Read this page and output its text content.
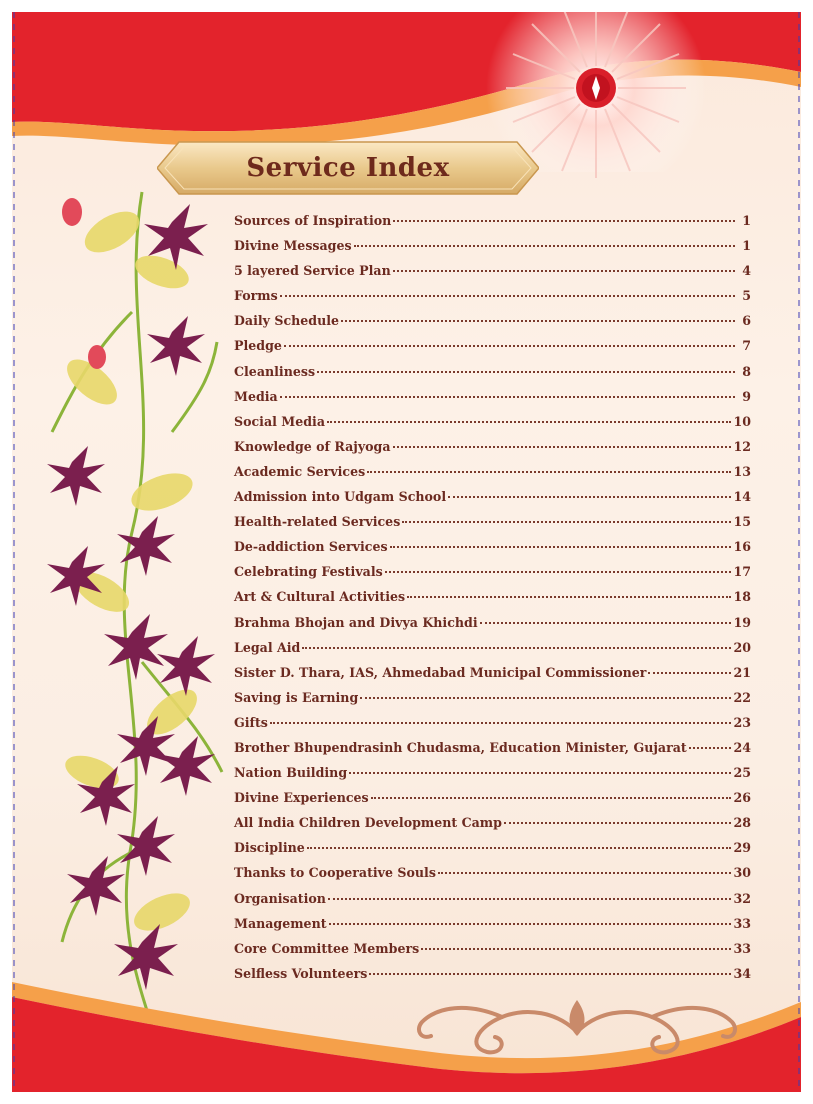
Service Index
Sources of Inspiration	1
Divine Messages	1
5 layered Service Plan	4
Forms	5
Daily Schedule	6
Pledge	7
Cleanliness	8
Media	9
Social Media	10
Knowledge of Rajyoga	12
Academic Services	13
Admission into Udgam School	14
Health-related Services	15
De-addiction Services	16
Celebrating Festivals	17
Art & Cultural Activities	18
Brahma Bhojan and Divya Khichdi	19
Legal Aid	20
Sister D. Thara, IAS, Ahmedabad Municipal Commissioner	21
Saving is Earning	22
Gifts	23
Brother Bhupendrasinh Chudasma, Education Minister, Gujarat	24
Nation Building	25
Divine Experiences	26
All India Children Development Camp	28
Discipline	29
Thanks to Cooperative Souls	30
Organisation	32
Management	33
Core Committee Members	33
Selfless Volunteers	34
